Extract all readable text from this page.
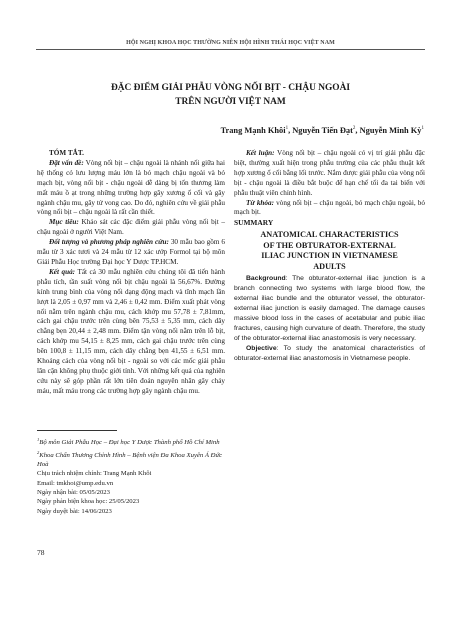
HỘI NGHỊ KHOA HỌC THƯỜNG NIÊN HỘI HÌNH THÁI HỌC VIỆT NAM
ĐẶC ĐIỂM GIẢI PHẪU VÒNG NỐI BỊT - CHẬU NGOÀI
TRÊN NGƯỜI VIỆT NAM
Trang Mạnh Khôi$^1$, Nguyễn Tiến Đạt$^2$, Nguyễn Minh Kỳ$^1$

TÓM TẮT.

Đặt vấn đề: Vòng nối bịt – chậu ngoài là nhánh nối giữa hai hệ thống có lưu lượng máu lớn là bó mạch chậu ngoài và bó mạch bịt, vòng nối bịt - chậu ngoài dễ dàng bị tổn thương làm mất máu ồ ạt trong những trường hợp gãy xương ổ cối và gãy ngành chậu mu, gây tử vong cao. Do đó, nghiên cứu về giải phẫu vòng nối bịt – chậu ngoài là rất cần thiết.

Mục tiêu: Khảo sát các đặc điểm giải phẫu vòng nối bịt – chậu ngoài ở người Việt Nam.

Đối tượng và phương pháp nghiên cứu: 30 mẫu bao gồm 6 mẫu từ 3 xác tươi và 24 mẫu từ 12 xác ướp Formol tại bộ môn Giải Phẫu Học trường Đại học Y Dược TP.HCM.

Kết quả: Tất cả 30 mẫu nghiên cứu chúng tôi đã tiến hành phẫu tích, tần suất vòng nối bịt chậu ngoài là 56,67%. Đường kính trung bình của vòng nối dạng động mạch và tĩnh mạch lần lượt là 2,05 ± 0,97 mm và 2,46 ± 0,42 mm. Điểm xuất phát vòng nối nằm trên ngành chậu mu, cách khớp mu 57,78 ± 7,81mm, cách gai chậu trước trên cùng bên 75,53 ± 5,35 mm, cách dây chằng bẹn 20,44 ± 2,48 mm. Điểm tận vòng nối nằm trên lỗ bịt, cách khớp mu 54,15 ± 8,25 mm, cách gai chậu trước trên cùng bên 100,8 ± 11,15 mm, cách dây chằng bẹn 41,55 ± 6,51 mm. Khoảng cách của vòng nối bịt - ngoài so với các mốc giải phẫu lân cận không phụ thuộc giới tính. Với những kết quả của nghiên cứu này sẽ góp phần rất lớn tiên đoán nguyên nhân gây chảy máu, mất máu trong các trường hợp gãy ngành chậu mu.

Kết luận: Vòng nối bịt – chậu ngoài có vị trí giải phẫu đặc biệt, thường xuất hiện trong phẫu trường của các phẫu thuật kết hợp xương ổ cối bằng lối trước. Nắm được giải phẫu của vòng nối bịt - chậu ngoài là điều bắt buộc để hạn chế tối đa tai biến với phẫu thuật viên chỉnh hình.

Từ khóa: vòng nối bịt – chậu ngoài, bó mạch chậu ngoài, bó mạch bịt.

SUMMARY

ANATOMICAL CHARACTERISTICS
OF THE OBTURATOR-EXTERNAL
ILIAC JUNCTION IN VIETNAMESE
ADULTS

Background: The obturator-external iliac junction is a branch connecting two systems with large blood flow, the external iliac bundle and the obturator vessel, the obturator-external iliac junction is easily damaged. The damage causes massive blood loss in the cases of acetabular and pubic iliac fractures, causing high curvature of death. Therefore, the study of the obturator-external iliac anastomosis is very necessary.

Objective: To study the anatomical characteristics of obturator-external iliac anastomosis in Vietnamese people.

$^1$Bộ môn Giải Phẫu Học – Đại học Y Dược Thành phố Hồ Chí Minh
$^2$Khoa Chấn Thương Chỉnh Hình – Bệnh viện Đa Khoa Xuyên Á Đức Hoà
Chịu trách nhiệm chính: Trang Mạnh Khôi
Email: tmkhoi@ump.edu.vn
Ngày nhận bài: 05/05/2023
Ngày phản biện khoa học: 25/05/2023
Ngày duyệt bài: 14/06/2023
78
